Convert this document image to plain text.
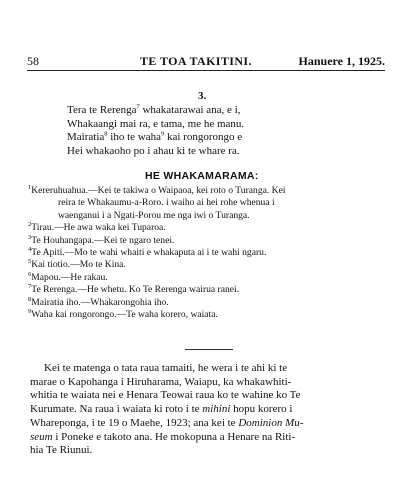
58	TE TOA TAKITINI.	Hanuere 1, 1925.
3.
Tera te Rerenga$^7$ whakatarawai ana, e i,
Whakaangi mai ra, e tama, me he manu.
Mairatia$^8$ iho te waha$^9$ kai rongorongo e
Hei whakaoho po i ahau ki te whare ra.
HE WHAKAMARAMA:
$^1$Kereruhuahua.—Kei te takiwa o Waipaoa, kei roto o Turanga. Kei
reira te Whakaumu-a-Roro. i waiho ai hei rohe whenua i
waenganui i a Ngati-Porou me nga iwi o Turanga.
$^2$Tirau.—He awa waka kei Tuparoa.
$^3$Te Houhangapa.—Kei te ngaro tenei.
$^4$Te Apiti.—Mo te wahi whaiti e whakaputa ai i te wahi ngaru.
$^5$Kai tiotio.—Mo te Kina.
$^6$Mapou.—He rakau.
$^7$Te Rerenga.—He whetu. Ko Te Rerenga wairua ranei.
$^8$Mairatia iho.—Whakarongohia iho.
$^9$Waha kai rongorongo.—Te waha korero, waiata.
Kei te matenga o tata raua tamaiti, he wera i te ahi ki te
marae o Kapohanga i Hiruharama, Waiapu, ka whakawhiti-
whitia te waiata nei e Henara Teowai raua ko te wahine ko Te
Kurumate. Na raua i waiata ki roto i te mihini hopu korero i
Whareponga, i te 19 o Maehe, 1923; ana kei te Dominion Mu-
seum i Poneke e takoto ana. He mokopuna a Henare na Riti-
hia Te Riunui.
